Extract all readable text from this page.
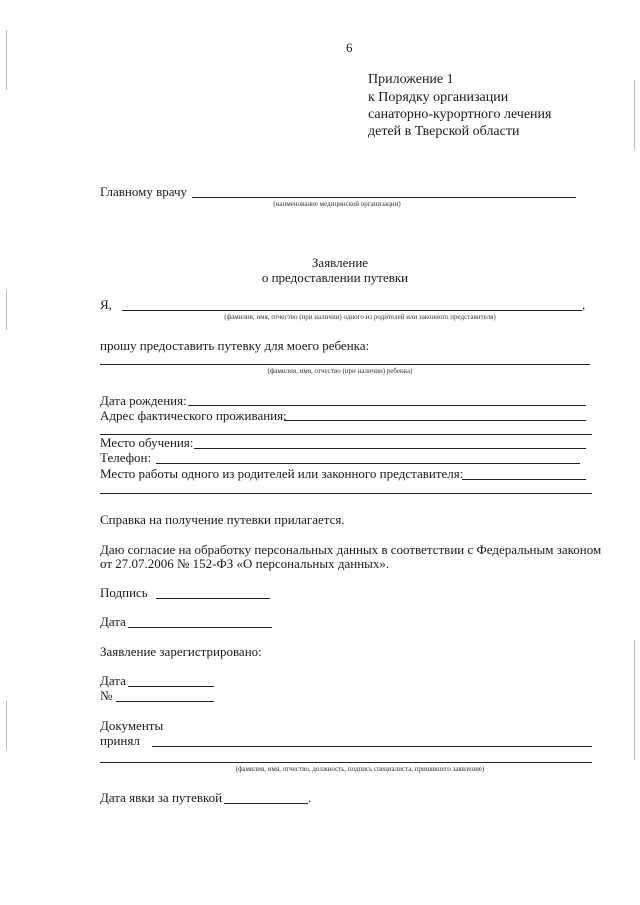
6
Приложение 1
к Порядку организации
санаторно-курортного лечения
детей в Тверской области
Главному врачу
(наименование медицинской организации)
Заявление
о предоставлении путевки
Я,	,
(фамилия, имя, отчество (при наличии) одного из родителей или законного представителя)
прошу предоставить путевку для моего ребенка:
(фамилия, имя, отчество (при наличии) ребенка)
Дата рождения:
Адрес фактического проживания:
Место обучения:
Телефон:
Место работы одного из родителей или законного представителя:
Справка на получение путевки прилагается.
Даю согласие на обработку персональных данных в соответствии с Федеральным законом
от 27.07.2006 № 152-ФЗ «О персональных данных».
Подпись
Дата
Заявление зарегистрировано:
Дата
№
Документы
принял
(фамилия, имя, отчество, должность, подпись специалиста, принявшего заявление)
Дата явки за путевкой	.
